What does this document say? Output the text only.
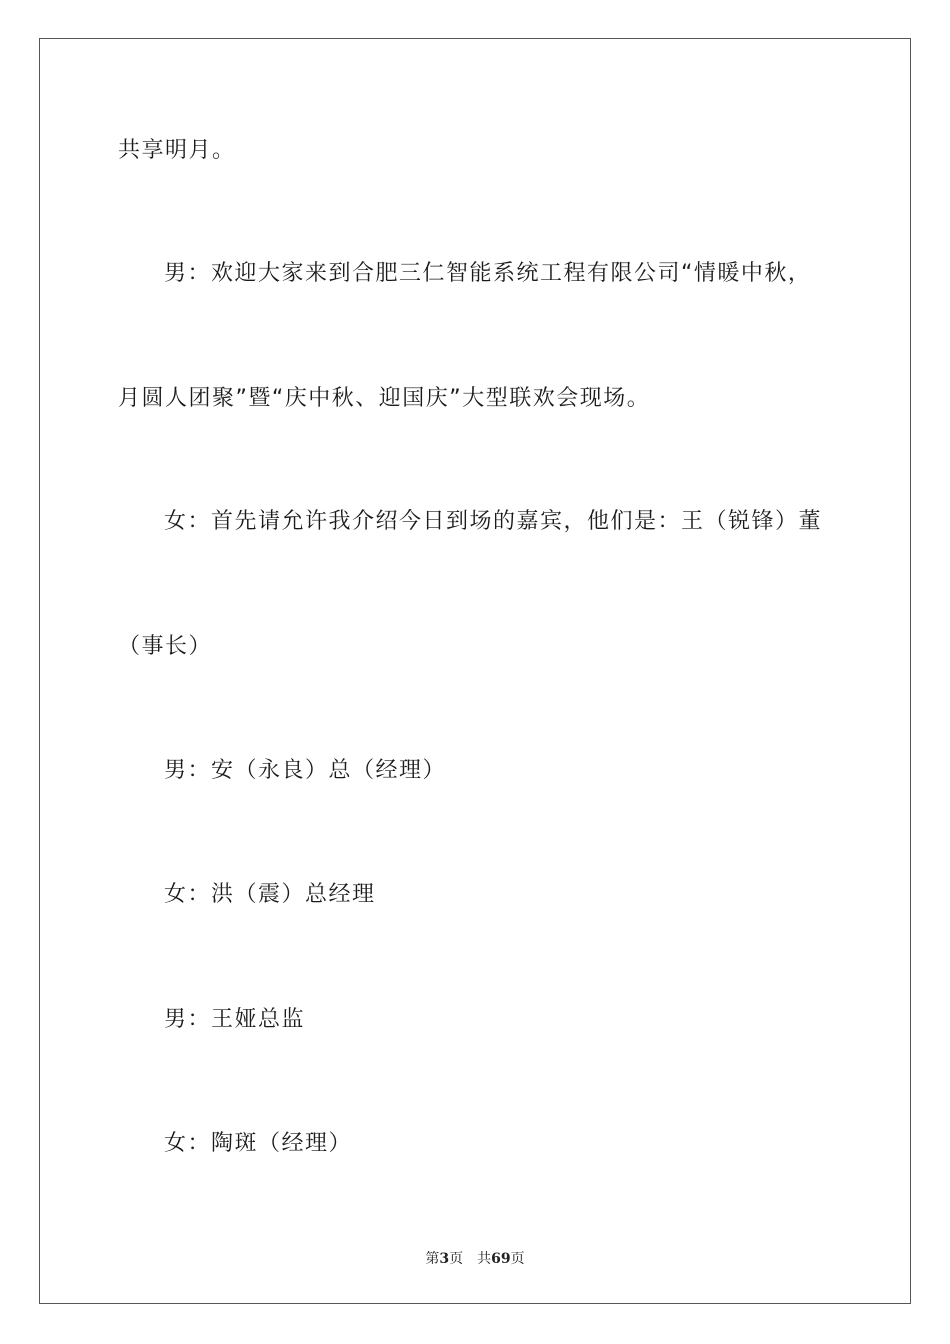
共享明月。
男：欢迎大家来到合肥三仁智能系统工程有限公司“情暖中秋，
月圆人团聚”暨“庆中秋、迎国庆”大型联欢会现场。
女：首先请允许我介绍今日到场的嘉宾，他们是：王（锐锋）董
（事长）
男：安（永良）总（经理）
女：洪（震）总经理
男：王娅总监
女：陶斑（经理）
第3页 共69页
